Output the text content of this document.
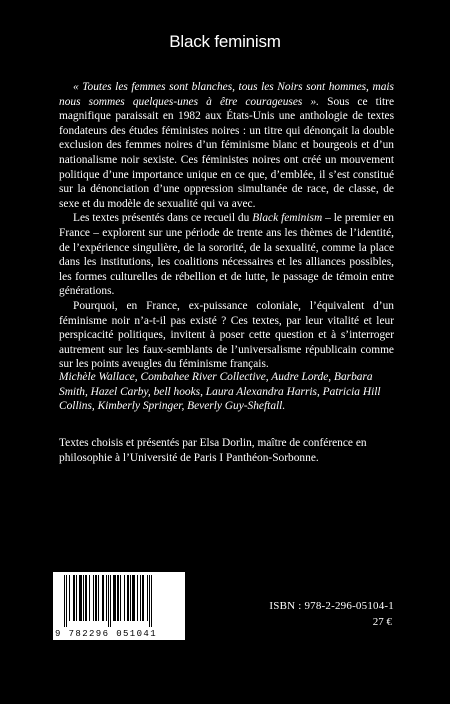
Black feminism

« Toutes les femmes sont blanches, tous les Noirs sont hommes, mais nous sommes quelques-unes à être courageuses ». Sous ce titre magnifique paraissait en 1982 aux États-Unis une anthologie de textes fondateurs des études féministes noires : un titre qui dénonçait la double exclusion des femmes noires d’un féminisme blanc et bourgeois et d’un nationalisme noir sexiste. Ces féministes noires ont créé un mouvement politique d’une importance unique en ce que, d’emblée, il s’est constitué sur la dénonciation d’une oppression simultanée de race, de classe, de sexe et du modèle de sexualité qui va avec.

Les textes présentés dans ce recueil du Black feminism – le premier en France – explorent sur une période de trente ans les thèmes de l’identité, de l’expérience singulière, de la sororité, de la sexualité, comme la place dans les institutions, les coalitions nécessaires et les alliances possibles, les formes culturelles de rébellion et de lutte, le passage de témoin entre générations.

Pourquoi, en France, ex-puissance coloniale, l’équivalent d’un féminisme noir n’a-t-il pas existé ? Ces textes, par leur vitalité et leur perspicacité politiques, invitent à poser cette question et à s’interroger autrement sur les faux-semblants de l’universalisme républicain comme sur les points aveugles du féminisme français.

Michèle Wallace, Combahee River Collective, Audre Lorde, Barbara Smith, Hazel Carby, bell hooks, Laura Alexandra Harris, Patricia Hill Collins, Kimberly Springer, Beverly Guy-Sheftall.
Textes choisis et présentés par Elsa Dorlin, maître de conférence en philosophie à l’Université de Paris I Panthéon-Sorbonne.
9 782296 051041
ISBN : 978-2-296-05104-1
27 €
